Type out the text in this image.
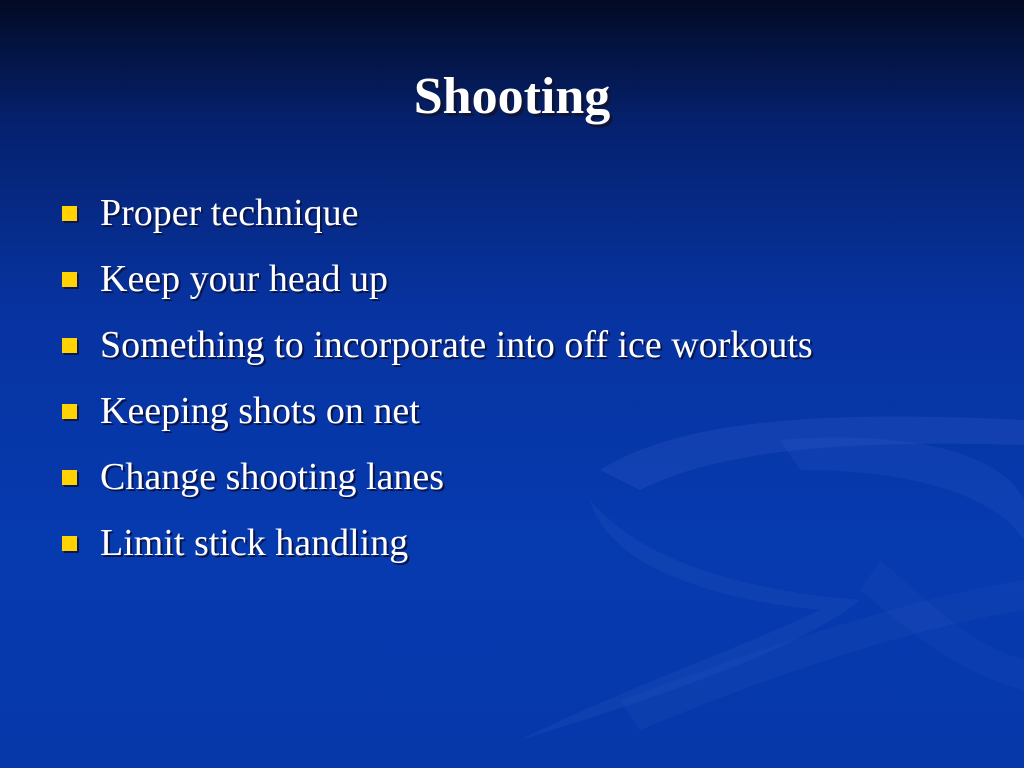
Shooting
Proper technique
Keep your head up
Something to incorporate into off ice workouts
Keeping shots on net
Change shooting lanes
Limit stick handling
